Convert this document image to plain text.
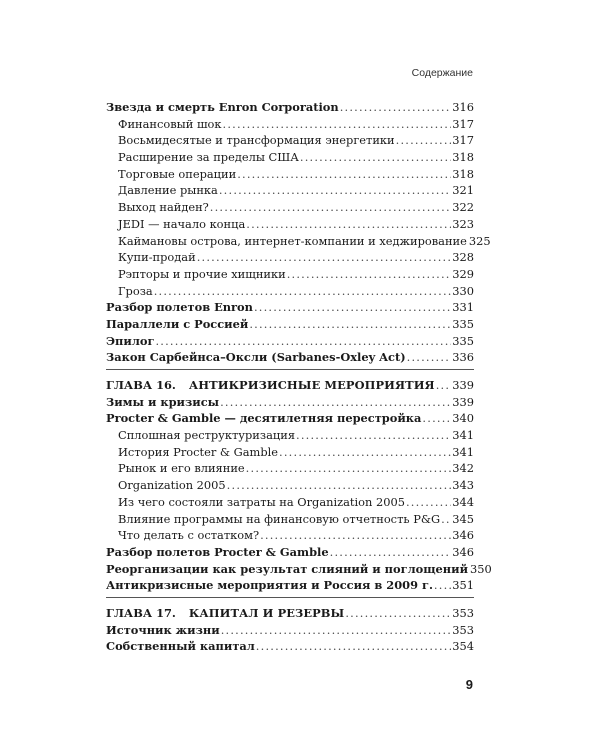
Содержание
Звезда и смерть Enron Corporation .....	316
Финансовый шок .....	317
Восьмидесятые и трансформация энергетики .....	317
Расширение за пределы США .....	318
Торговые операции .....	318
Давление рынка .....	321
Выход найден? .....	322
JEDI — начало конца .....	323
Каймановы острова, интернет-компании и хеджирование 325
Купи-продай .....	328
Рэпторы и прочие хищники .....	329
Гроза .....	330
Разбор полетов Enron .....	331
Параллели с Россией .....	335
Эпилог .....	335
Закон Сарбейнса–Оксли (Sarbanes-Oxley Act) .....	336
ГЛАВА 16. АНТИКРИЗИСНЫЕ МЕРОПРИЯТИЯ ..... 339
Зимы и кризисы .....	339
Procter & Gamble — десятилетняя перестройка .....	340
Сплошная реструктуризация .....	341
История Procter & Gamble .....	341
Рынок и его влияние .....	342
Organization 2005 .....	343
Из чего состояли затраты на Organization 2005 .....	344
Влияние программы на финансовую отчетность P&G ..... 345
Что делать с остатком? .....	346
Разбор полетов Procter & Gamble .....	346
Реорганизации как результат слияний и поглощений 350
Антикризисные мероприятия и Россия в 2009 г. ..... 351
ГЛАВА 17. КАПИТАЛ И РЕЗЕРВЫ .....	353
Источник жизни .....	353
Собственный капитал .....	354
9
